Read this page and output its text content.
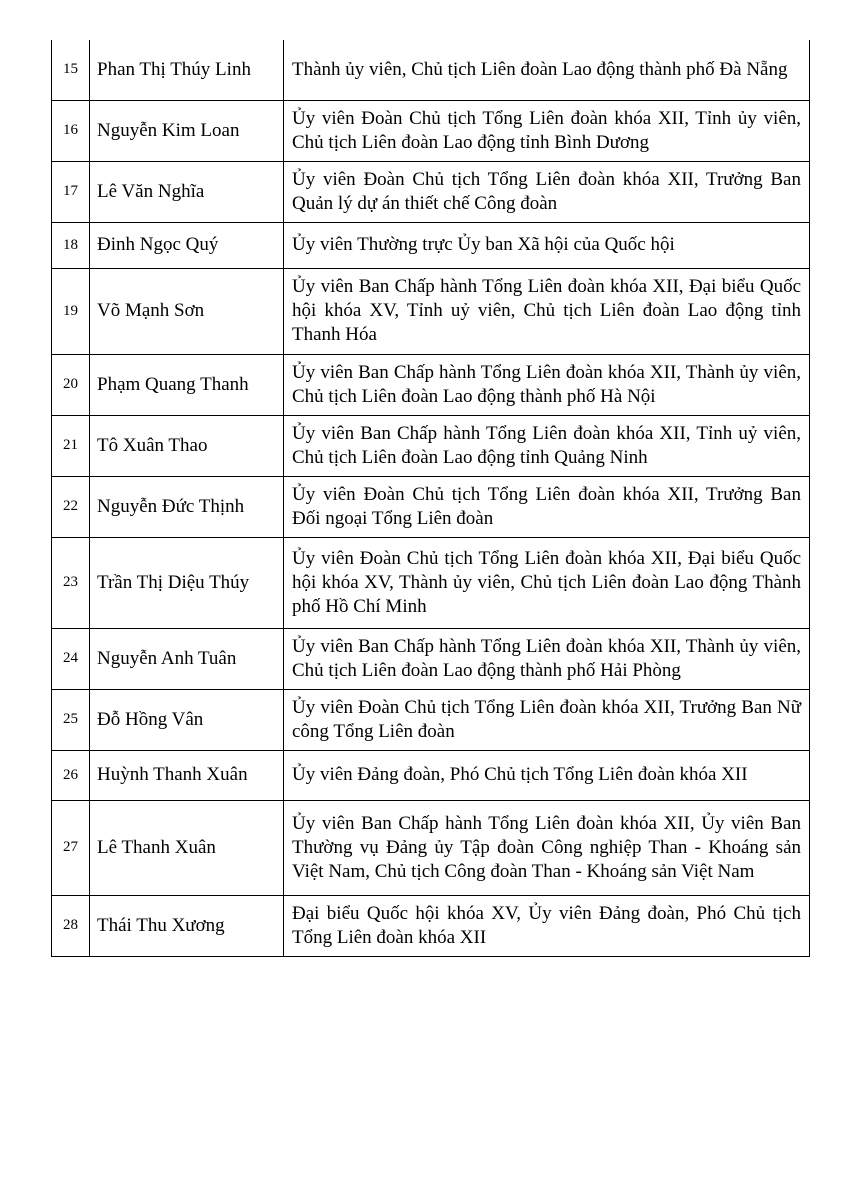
15	Phan Thị Thúy Linh	Thành ủy viên, Chủ tịch Liên đoàn Lao động thành phố Đà Nẵng
16	Nguyễn Kim Loan	Ủy viên Đoàn Chủ tịch Tổng Liên đoàn khóa XII, Tỉnh ủy viên, Chủ tịch Liên đoàn Lao động tỉnh Bình Dương
17	Lê Văn Nghĩa	Ủy viên Đoàn Chủ tịch Tổng Liên đoàn khóa XII, Trưởng Ban Quản lý dự án thiết chế Công đoàn
18	Đinh Ngọc Quý	Ủy viên Thường trực Ủy ban Xã hội của Quốc hội
19	Võ Mạnh Sơn	Ủy viên Ban Chấp hành Tổng Liên đoàn khóa XII, Đại biểu Quốc hội khóa XV, Tỉnh uỷ viên, Chủ tịch Liên đoàn Lao động tỉnh Thanh Hóa
20	Phạm Quang Thanh	Ủy viên Ban Chấp hành Tổng Liên đoàn khóa XII, Thành ủy viên, Chủ tịch Liên đoàn Lao động thành phố Hà Nội
21	Tô Xuân Thao	Ủy viên Ban Chấp hành Tổng Liên đoàn khóa XII, Tỉnh uỷ viên, Chủ tịch Liên đoàn Lao động tỉnh Quảng Ninh
22	Nguyễn Đức Thịnh	Ủy viên Đoàn Chủ tịch Tổng Liên đoàn khóa XII, Trưởng Ban Đối ngoại Tổng Liên đoàn
23	Trần Thị Diệu Thúy	Ủy viên Đoàn Chủ tịch Tổng Liên đoàn khóa XII, Đại biểu Quốc hội khóa XV, Thành ủy viên, Chủ tịch Liên đoàn Lao động Thành phố Hồ Chí Minh
24	Nguyễn Anh Tuân	Ủy viên Ban Chấp hành Tổng Liên đoàn khóa XII, Thành ủy viên, Chủ tịch Liên đoàn Lao động thành phố Hải Phòng
25	Đỗ Hồng Vân	Ủy viên Đoàn Chủ tịch Tổng Liên đoàn khóa XII, Trưởng Ban Nữ công Tổng Liên đoàn
26	Huỳnh Thanh Xuân	Ủy viên Đảng đoàn, Phó Chủ tịch Tổng Liên đoàn khóa XII
27	Lê Thanh Xuân	Ủy viên Ban Chấp hành Tổng Liên đoàn khóa XII, Ủy viên Ban Thường vụ Đảng ủy Tập đoàn Công nghiệp Than - Khoáng sản Việt Nam, Chủ tịch Công đoàn Than - Khoáng sản Việt Nam
28	Thái Thu Xương	Đại biểu Quốc hội khóa XV, Ủy viên Đảng đoàn, Phó Chủ tịch Tổng Liên đoàn khóa XII
